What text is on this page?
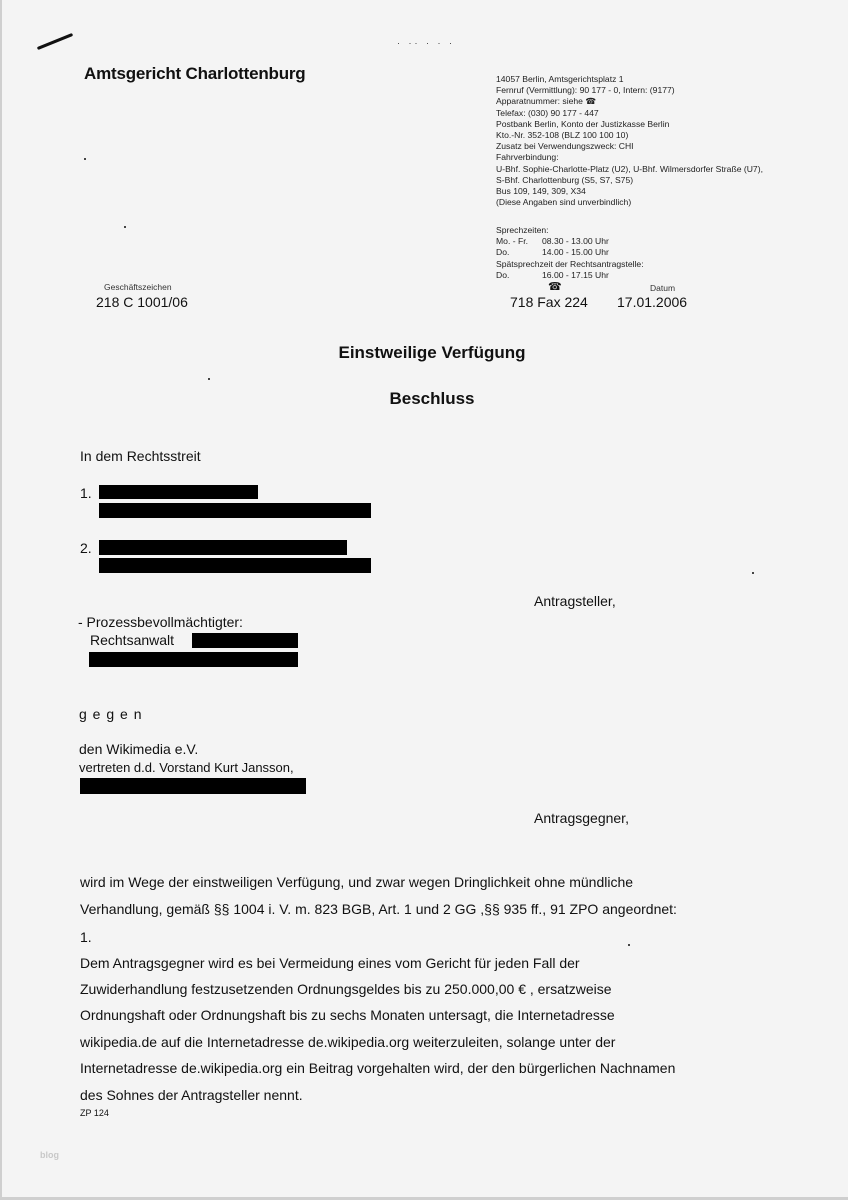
· ·· · · ·
Amtsgericht Charlottenburg	14057 Berlin, Amtsgerichtsplatz 1
Fernruf (Vermittlung): 90 177 - 0, Intern: (9177)
Apparatnummer: siehe ☎
Telefax: (030) 90 177 - 447
Postbank Berlin, Konto der Justizkasse Berlin
Kto.-Nr. 352-108 (BLZ 100 100 10)
Zusatz bei Verwendungszweck: CHI
Fahrverbindung:
U-Bhf. Sophie-Charlotte-Platz (U2), U-Bhf. Wilmersdorfer Straße (U7),
S-Bhf. Charlottenburg (S5, S7, S75)
Bus 109, 149, 309, X34
(Diese Angaben sind unverbindlich)
Sprechzeiten:
Mo. - Fr. 08.30 - 13.00 Uhr
Do.	14.00 - 15.00 Uhr
Spätsprechzeit der Rechtsantragstelle:
Do.	16.00 - 17.15 Uhr
Geschäftszeichen
218 C 1001/06
☎
718 Fax 224
Datum
17.01.2006
Einstweilige Verfügung
Beschluss
In dem Rechtsstreit
1.
2.
Antragsteller,
- Prozessbevollmächtigter:
Rechtsanwalt
g e g e n
den Wikimedia e.V.
vertreten d.d. Vorstand Kurt Jansson,
Antragsgegner,
wird im Wege der einstweiligen Verfügung, und zwar wegen Dringlichkeit ohne mündliche
Verhandlung, gemäß §§ 1004 i. V. m. 823 BGB, Art. 1 und 2 GG ,§§ 935 ff., 91 ZPO angeordnet:
1.
Dem Antragsgegner wird es bei Vermeidung eines vom Gericht für jeden Fall der
Zuwiderhandlung festzusetzenden Ordnungsgeldes bis zu 250.000,00 € , ersatzweise
Ordnungshaft oder Ordnungshaft bis zu sechs Monaten untersagt, die Internetadresse
wikipedia.de auf die Internetadresse de.wikipedia.org weiterzuleiten, solange unter der
Internetadresse de.wikipedia.org ein Beitrag vorgehalten wird, der den bürgerlichen Nachnamen
des Sohnes der Antragsteller nennt.
ZP 124
blog
